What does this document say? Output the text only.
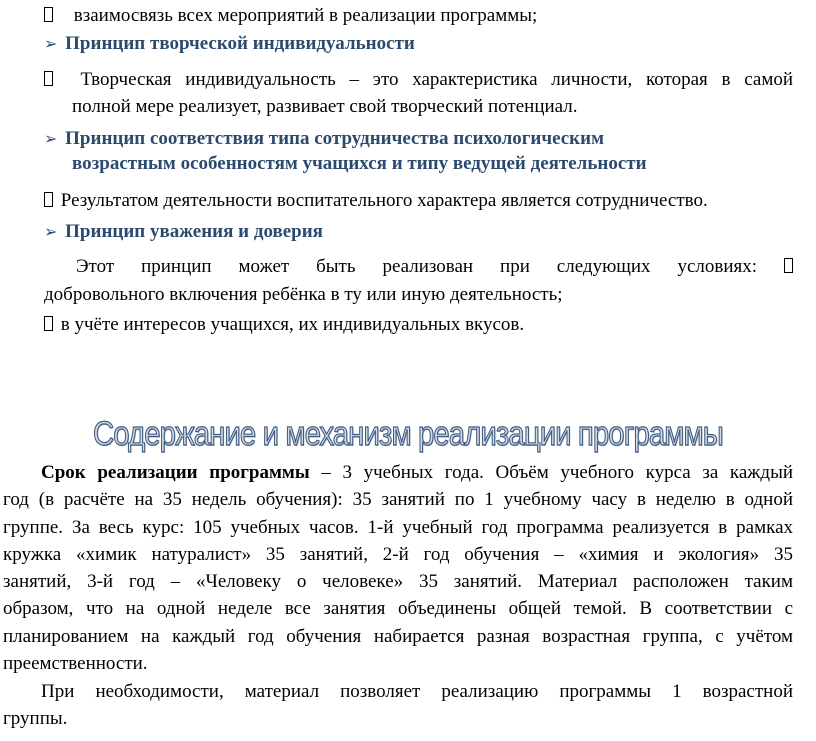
взаимосвязь всех мероприятий в реализации программы;
➢ Принцип творческой индивидуальности
Творческая индивидуальность – это характеристика личности, которая в самой
полной мере реализует, развивает свой творческий потенциал.
➢ Принцип соответствия типа сотрудничества психологическим
возрастным особенностям учащихся и типу ведущей деятельности
Результатом деятельности воспитательного характера является сотрудничество.
➢ Принцип уважения и доверия
Этот принцип может быть реализован при следующих условиях:
добровольного включения ребёнка в ту или иную деятельность;
в учёте интересов учащихся, их индивидуальных вкусов.
Содержание и механизм реализации программы
Срок реализации программы – 3 учебных года. Объём учебного курса за каждый
год (в расчёте на 35 недель обучения): 35 занятий по 1 учебному часу в неделю в одной
группе. За весь курс: 105 учебных часов. 1-й учебный год программа реализуется в рамках
кружка «химик натуралист» 35 занятий, 2-й год обучения – «химия и экология» 35
занятий, 3-й год – «Человеку о человеке» 35 занятий. Материал расположен таким
образом, что на одной неделе все занятия объединены общей темой. В соответствии с
планированием на каждый год обучения набирается разная возрастная группа, с учётом
преемственности.
При необходимости, материал позволяет реализацию программы 1 возрастной
группы.
